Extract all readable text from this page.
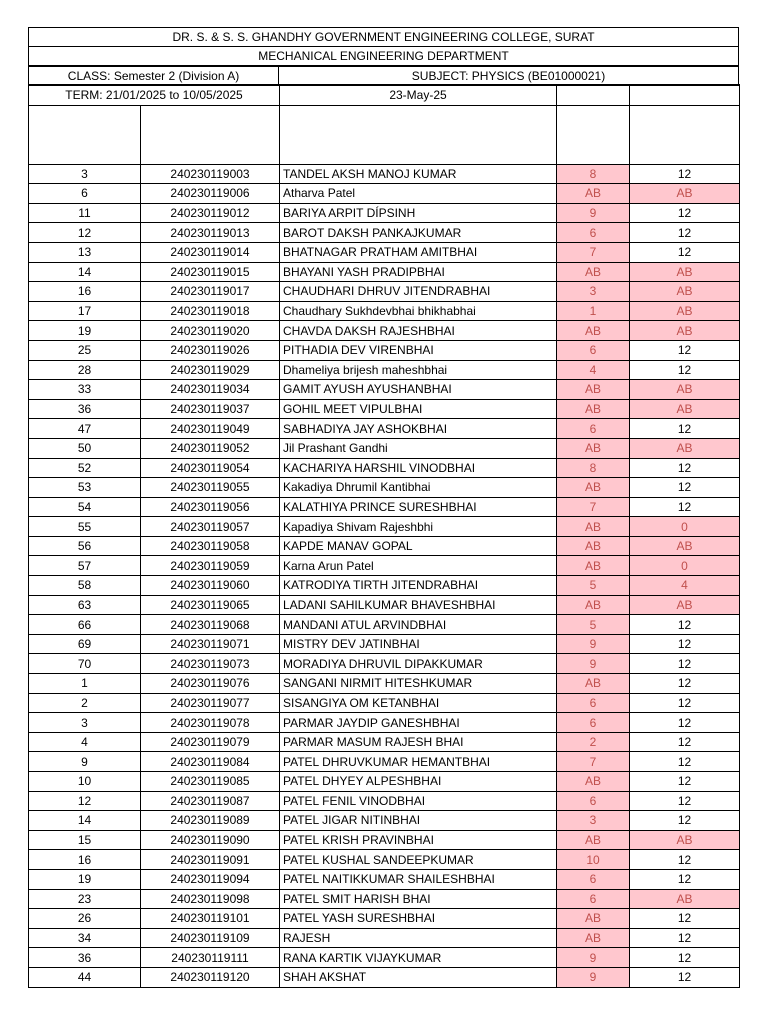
DR. S. & S. S. GHANDHY GOVERNMENT ENGINEERING COLLEGE, SURAT
MECHANICAL ENGINEERING DEPARTMENT
CLASS: Semester 2 (Division A)	SUBJECT: PHYSICS (BE01000021)
TERM: 21/01/2025 to 10/05/2025		23-May-25		

3	240230119003	TANDEL AKSH MANOJ KUMAR	8	12
6	240230119006	Atharva Patel	AB	AB
11	240230119012	BARIYA ARPIT DÍPSINH	9	12
12	240230119013	BAROT DAKSH PANKAJKUMAR	6	12
13	240230119014	BHATNAGAR PRATHAM AMITBHAI	7	12
14	240230119015	BHAYANI YASH PRADIPBHAI	AB	AB
16	240230119017	CHAUDHARI DHRUV JITENDRABHAI	3	AB
17	240230119018	Chaudhary Sukhdevbhai bhikhabhai	1	AB
19	240230119020	CHAVDA DAKSH RAJESHBHAI	AB	AB
25	240230119026	PITHADIA DEV VIRENBHAI	6	12
28	240230119029	Dhameliya brijesh maheshbhai	4	12
33	240230119034	GAMIT AYUSH AYUSHANBHAI	AB	AB
36	240230119037	GOHIL MEET VIPULBHAI	AB	AB
47	240230119049	SABHADIYA JAY ASHOKBHAI	6	12
50	240230119052	Jil Prashant Gandhi	AB	AB
52	240230119054	KACHARIYA HARSHIL VINODBHAI	8	12
53	240230119055	Kakadiya Dhrumil Kantibhai	AB	12
54	240230119056	KALATHIYA PRINCE SURESHBHAI	7	12
55	240230119057	Kapadiya Shivam Rajeshbhi	AB	0
56	240230119058	KAPDE MANAV GOPAL	AB	AB
57	240230119059	Karna Arun Patel	AB	0
58	240230119060	KATRODIYA TIRTH JITENDRABHAI	5	4
63	240230119065	LADANI SAHILKUMAR BHAVESHBHAI	AB	AB
66	240230119068	MANDANI ATUL ARVINDBHAI	5	12
69	240230119071	MISTRY DEV JATINBHAI	9	12
70	240230119073	MORADIYA DHRUVIL DIPAKKUMAR	9	12
1	240230119076	SANGANI NIRMIT HITESHKUMAR	AB	12
2	240230119077	SISANGIYA OM KETANBHAI	6	12
3	240230119078	PARMAR JAYDIP GANESHBHAI	6	12
4	240230119079	PARMAR MASUM RAJESH BHAI	2	12
9	240230119084	PATEL DHRUVKUMAR HEMANTBHAI	7	12
10	240230119085	PATEL DHYEY ALPESHBHAI	AB	12
12	240230119087	PATEL FENIL VINODBHAI	6	12
14	240230119089	PATEL JIGAR NITINBHAI	3	12
15	240230119090	PATEL KRISH PRAVINBHAI	AB	AB
16	240230119091	PATEL KUSHAL SANDEEPKUMAR	10	12
19	240230119094	PATEL NAITIKKUMAR SHAILESHBHAI	6	12
23	240230119098	PATEL SMIT HARISH BHAI	6	AB
26	240230119101	PATEL YASH SURESHBHAI	AB	12
34	240230119109	RAJESH	AB	12
36	240230119111	RANA KARTIK VIJAYKUMAR	9	12
44	240230119120	SHAH AKSHAT	9	12
